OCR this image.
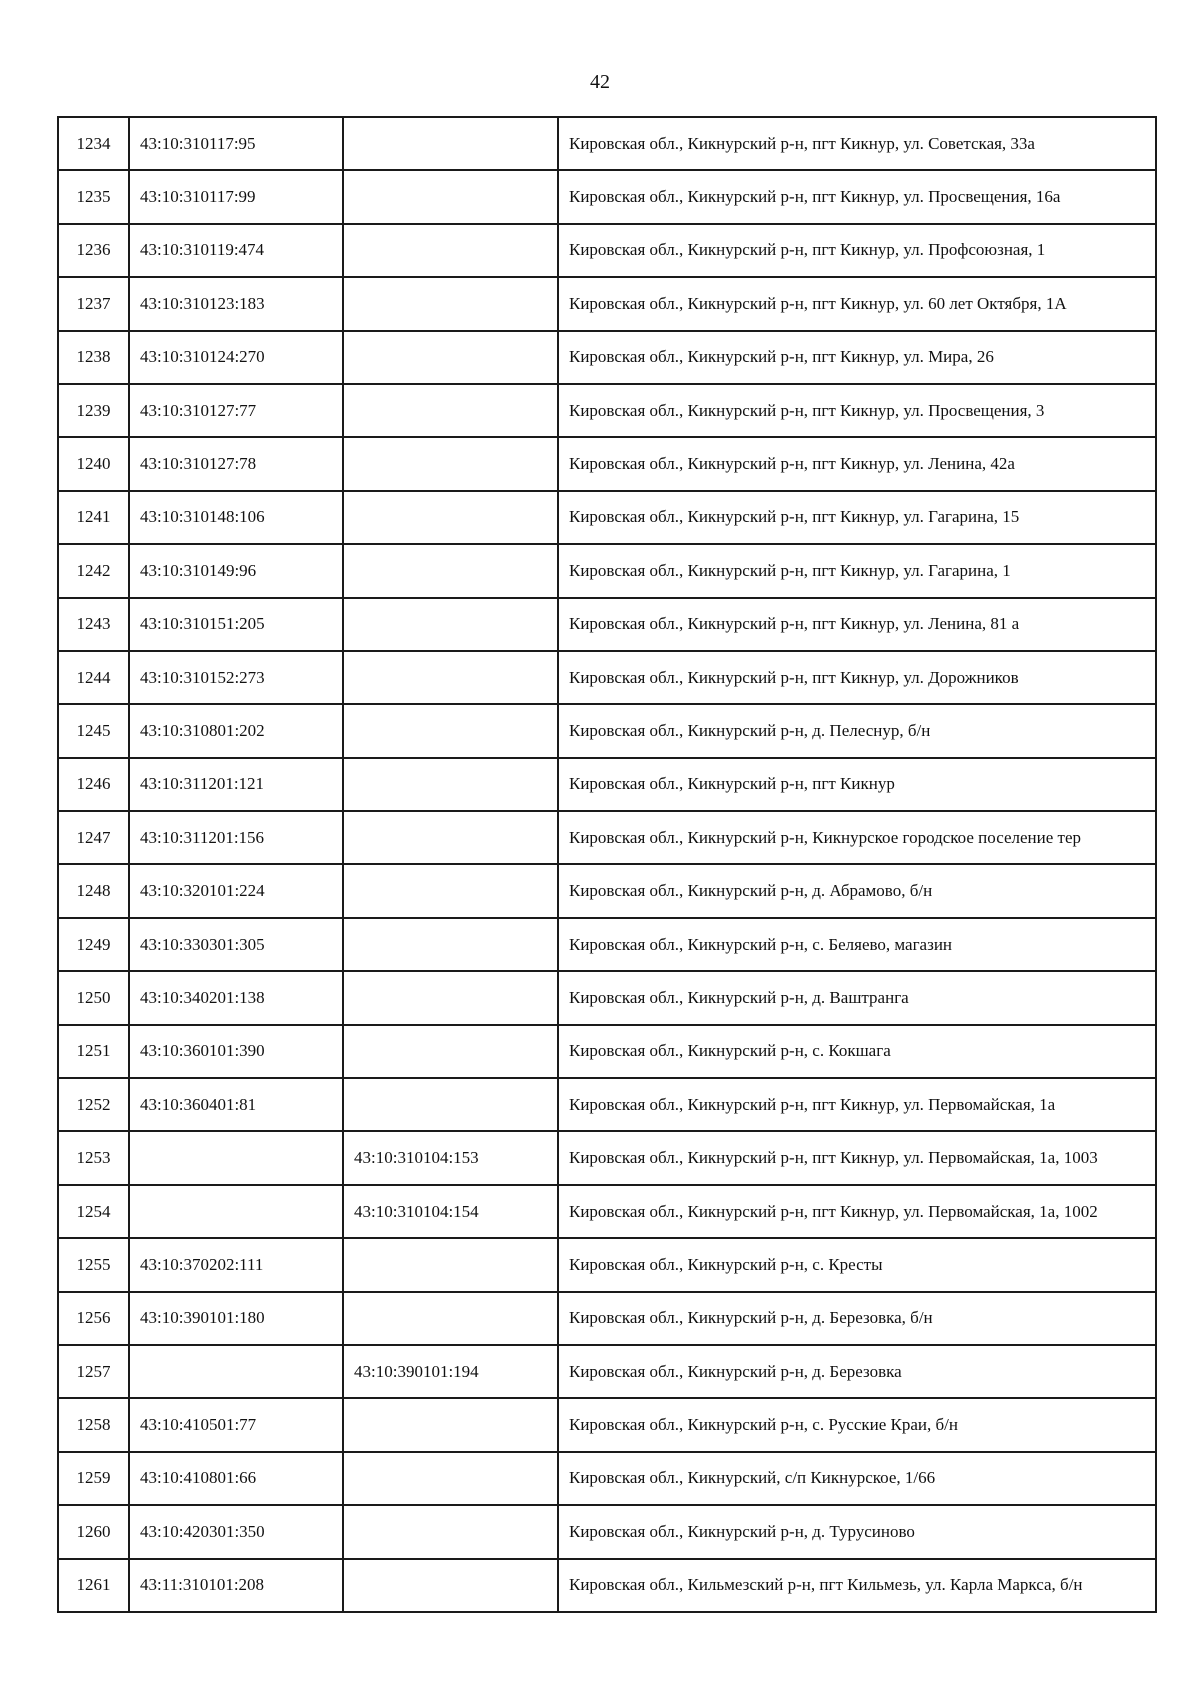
42
1234	43:10:310117:95		Кировская обл., Кикнурский р-н, пгт Кикнур, ул. Советская, 33а
1235	43:10:310117:99		Кировская обл., Кикнурский р-н, пгт Кикнур, ул. Просвещения, 16а
1236	43:10:310119:474		Кировская обл., Кикнурский р-н, пгт Кикнур, ул. Профсоюзная, 1
1237	43:10:310123:183		Кировская обл., Кикнурский р-н, пгт Кикнур, ул. 60 лет Октября, 1А
1238	43:10:310124:270		Кировская обл., Кикнурский р-н, пгт Кикнур, ул. Мира, 26
1239	43:10:310127:77		Кировская обл., Кикнурский р-н, пгт Кикнур, ул. Просвещения, 3
1240	43:10:310127:78		Кировская обл., Кикнурский р-н, пгт Кикнур, ул. Ленина, 42а
1241	43:10:310148:106		Кировская обл., Кикнурский р-н, пгт Кикнур, ул. Гагарина, 15
1242	43:10:310149:96		Кировская обл., Кикнурский р-н, пгт Кикнур, ул. Гагарина, 1
1243	43:10:310151:205		Кировская обл., Кикнурский р-н, пгт Кикнур, ул. Ленина, 81 а
1244	43:10:310152:273		Кировская обл., Кикнурский р-н, пгт Кикнур, ул. Дорожников
1245	43:10:310801:202		Кировская обл., Кикнурский р-н, д. Пелеснур, б/н
1246	43:10:311201:121		Кировская обл., Кикнурский р-н, пгт Кикнур
1247	43:10:311201:156		Кировская обл., Кикнурский р-н, Кикнурское городское поселение тер
1248	43:10:320101:224		Кировская обл., Кикнурский р-н, д. Абрамово, б/н
1249	43:10:330301:305		Кировская обл., Кикнурский р-н, с. Беляево, магазин
1250	43:10:340201:138		Кировская обл., Кикнурский р-н, д. Ваштранга
1251	43:10:360101:390		Кировская обл., Кикнурский р-н, с. Кокшага
1252	43:10:360401:81		Кировская обл., Кикнурский р-н, пгт Кикнур, ул. Первомайская, 1а
1253		43:10:310104:153	Кировская обл., Кикнурский р-н, пгт Кикнур, ул. Первомайская, 1а, 1003
1254		43:10:310104:154	Кировская обл., Кикнурский р-н, пгт Кикнур, ул. Первомайская, 1а, 1002
1255	43:10:370202:111		Кировская обл., Кикнурский р-н, с. Кресты
1256	43:10:390101:180		Кировская обл., Кикнурский р-н, д. Березовка, б/н
1257		43:10:390101:194	Кировская обл., Кикнурский р-н, д. Березовка
1258	43:10:410501:77		Кировская обл., Кикнурский р-н, с. Русские Краи, б/н
1259	43:10:410801:66		Кировская обл., Кикнурский, с/п Кикнурское, 1/66
1260	43:10:420301:350		Кировская обл., Кикнурский р-н, д. Турусиново
1261	43:11:310101:208		Кировская обл., Кильмезский р-н, пгт Кильмезь, ул. Карла Маркса, б/н
